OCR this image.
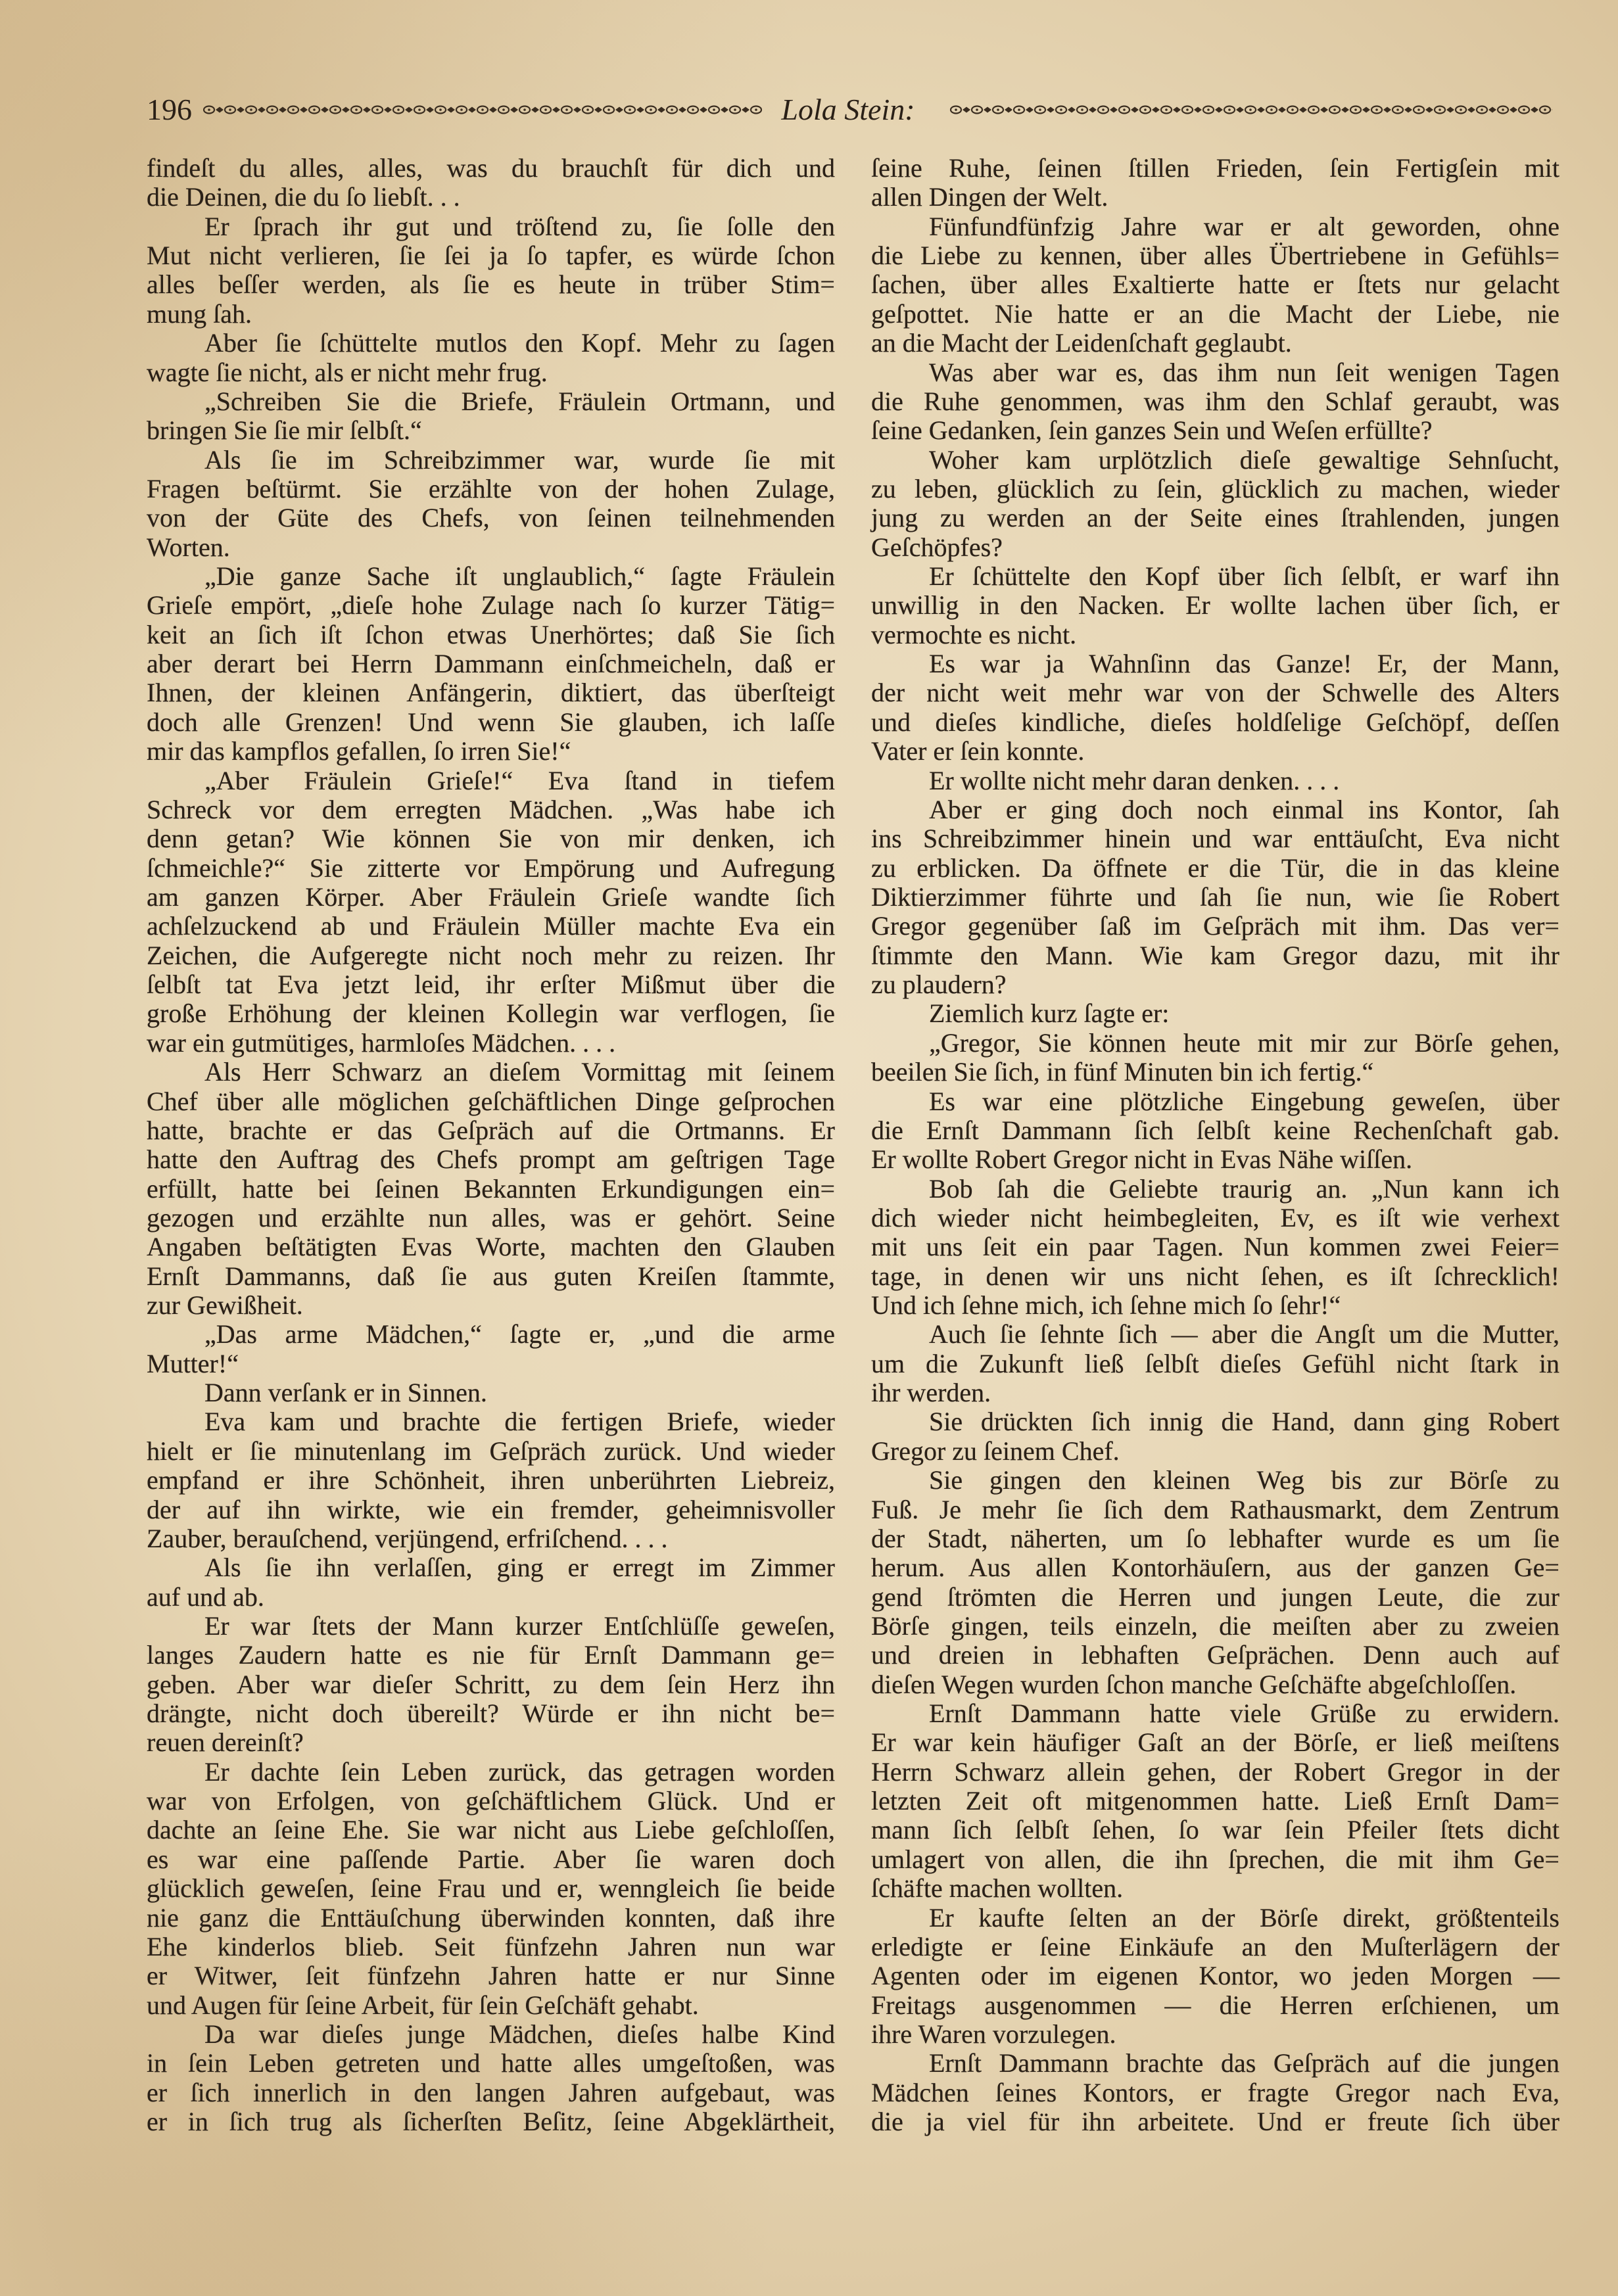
196	Lola Stein:
findeſt du alles, alles, was du brauchſt für dich und
die Deinen, die du ſo liebſt. . .
Er ſprach ihr gut und tröſtend zu, ſie ſolle den
Mut nicht verlieren, ſie ſei ja ſo tapfer, es würde ſchon
alles beſſer werden, als ſie es heute in trüber Stim=
mung ſah.
Aber ſie ſchüttelte mutlos den Kopf. Mehr zu ſagen
wagte ſie nicht, als er nicht mehr frug.
„Schreiben Sie die Briefe, Fräulein Ortmann, und
bringen Sie ſie mir ſelbſt.“
Als ſie im Schreibzimmer war, wurde ſie mit
Fragen beſtürmt. Sie erzählte von der hohen Zulage,
von der Güte des Chefs, von ſeinen teilnehmenden
Worten.
„Die ganze Sache iſt unglaublich,“ ſagte Fräulein
Grieſe empört, „dieſe hohe Zulage nach ſo kurzer Tätig=
keit an ſich iſt ſchon etwas Unerhörtes; daß Sie ſich
aber derart bei Herrn Dammann einſchmeicheln, daß er
Ihnen, der kleinen Anfängerin, diktiert, das überſteigt
doch alle Grenzen! Und wenn Sie glauben, ich laſſe
mir das kampflos gefallen, ſo irren Sie!“
„Aber Fräulein Grieſe!“ Eva ſtand in tiefem
Schreck vor dem erregten Mädchen. „Was habe ich
denn getan? Wie können Sie von mir denken, ich
ſchmeichle?“ Sie zitterte vor Empörung und Aufregung
am ganzen Körper. Aber Fräulein Grieſe wandte ſich
achſelzuckend ab und Fräulein Müller machte Eva ein
Zeichen, die Aufgeregte nicht noch mehr zu reizen. Ihr
ſelbſt tat Eva jetzt leid, ihr erſter Mißmut über die
große Erhöhung der kleinen Kollegin war verflogen, ſie
war ein gutmütiges, harmloſes Mädchen. . . .
Als Herr Schwarz an dieſem Vormittag mit ſeinem
Chef über alle möglichen geſchäftlichen Dinge geſprochen
hatte, brachte er das Geſpräch auf die Ortmanns. Er
hatte den Auftrag des Chefs prompt am geſtrigen Tage
erfüllt, hatte bei ſeinen Bekannten Erkundigungen ein=
gezogen und erzählte nun alles, was er gehört. Seine
Angaben beſtätigten Evas Worte, machten den Glauben
Ernſt Dammanns, daß ſie aus guten Kreiſen ſtammte,
zur Gewißheit.
„Das arme Mädchen,“ ſagte er, „und die arme
Mutter!“
Dann verſank er in Sinnen.
Eva kam und brachte die fertigen Briefe, wieder
hielt er ſie minutenlang im Geſpräch zurück. Und wieder
empfand er ihre Schönheit, ihren unberührten Liebreiz,
der auf ihn wirkte, wie ein fremder, geheimnisvoller
Zauber, berauſchend, verjüngend, erfriſchend. . . .
Als ſie ihn verlaſſen, ging er erregt im Zimmer
auf und ab.
Er war ſtets der Mann kurzer Entſchlüſſe geweſen,
langes Zaudern hatte es nie für Ernſt Dammann ge=
geben. Aber war dieſer Schritt, zu dem ſein Herz ihn
drängte, nicht doch übereilt? Würde er ihn nicht be=
reuen dereinſt?
Er dachte ſein Leben zurück, das getragen worden
war von Erfolgen, von geſchäftlichem Glück. Und er
dachte an ſeine Ehe. Sie war nicht aus Liebe geſchloſſen,
es war eine paſſende Partie. Aber ſie waren doch
glücklich geweſen, ſeine Frau und er, wenngleich ſie beide
nie ganz die Enttäuſchung überwinden konnten, daß ihre
Ehe kinderlos blieb. Seit fünfzehn Jahren nun war
er Witwer, ſeit fünfzehn Jahren hatte er nur Sinne
und Augen für ſeine Arbeit, für ſein Geſchäft gehabt.
Da war dieſes junge Mädchen, dieſes halbe Kind
in ſein Leben getreten und hatte alles umgeſtoßen, was
er ſich innerlich in den langen Jahren aufgebaut, was
er in ſich trug als ſicherſten Beſitz, ſeine Abgeklärtheit,
ſeine Ruhe, ſeinen ſtillen Frieden, ſein Fertigſein mit
allen Dingen der Welt.
Fünfundfünfzig Jahre war er alt geworden, ohne
die Liebe zu kennen, über alles Übertriebene in Gefühls=
ſachen, über alles Exaltierte hatte er ſtets nur gelacht
geſpottet. Nie hatte er an die Macht der Liebe, nie
an die Macht der Leidenſchaft geglaubt.
Was aber war es, das ihm nun ſeit wenigen Tagen
die Ruhe genommen, was ihm den Schlaf geraubt, was
ſeine Gedanken, ſein ganzes Sein und Weſen erfüllte?
Woher kam urplötzlich dieſe gewaltige Sehnſucht,
zu leben, glücklich zu ſein, glücklich zu machen, wieder
jung zu werden an der Seite eines ſtrahlenden, jungen
Geſchöpfes?
Er ſchüttelte den Kopf über ſich ſelbſt, er warf ihn
unwillig in den Nacken. Er wollte lachen über ſich, er
vermochte es nicht.
Es war ja Wahnſinn das Ganze! Er, der Mann,
der nicht weit mehr war von der Schwelle des Alters
und dieſes kindliche, dieſes holdſelige Geſchöpf, deſſen
Vater er ſein konnte.
Er wollte nicht mehr daran denken. . . .
Aber er ging doch noch einmal ins Kontor, ſah
ins Schreibzimmer hinein und war enttäuſcht, Eva nicht
zu erblicken. Da öffnete er die Tür, die in das kleine
Diktierzimmer führte und ſah ſie nun, wie ſie Robert
Gregor gegenüber ſaß im Geſpräch mit ihm. Das ver=
ſtimmte den Mann. Wie kam Gregor dazu, mit ihr
zu plaudern?
Ziemlich kurz ſagte er:
„Gregor, Sie können heute mit mir zur Börſe gehen,
beeilen Sie ſich, in fünf Minuten bin ich fertig.“
Es war eine plötzliche Eingebung geweſen, über
die Ernſt Dammann ſich ſelbſt keine Rechenſchaft gab.
Er wollte Robert Gregor nicht in Evas Nähe wiſſen.
Bob ſah die Geliebte traurig an. „Nun kann ich
dich wieder nicht heimbegleiten, Ev, es iſt wie verhext
mit uns ſeit ein paar Tagen. Nun kommen zwei Feier=
tage, in denen wir uns nicht ſehen, es iſt ſchrecklich!
Und ich ſehne mich, ich ſehne mich ſo ſehr!“
Auch ſie ſehnte ſich — aber die Angſt um die Mutter,
um die Zukunft ließ ſelbſt dieſes Gefühl nicht ſtark in
ihr werden.
Sie drückten ſich innig die Hand, dann ging Robert
Gregor zu ſeinem Chef.
Sie gingen den kleinen Weg bis zur Börſe zu
Fuß. Je mehr ſie ſich dem Rathausmarkt, dem Zentrum
der Stadt, näherten, um ſo lebhafter wurde es um ſie
herum. Aus allen Kontorhäuſern, aus der ganzen Ge=
gend ſtrömten die Herren und jungen Leute, die zur
Börſe gingen, teils einzeln, die meiſten aber zu zweien
und dreien in lebhaften Geſprächen. Denn auch auf
dieſen Wegen wurden ſchon manche Geſchäfte abgeſchloſſen.
Ernſt Dammann hatte viele Grüße zu erwidern.
Er war kein häufiger Gaſt an der Börſe, er ließ meiſtens
Herrn Schwarz allein gehen, der Robert Gregor in der
letzten Zeit oft mitgenommen hatte. Ließ Ernſt Dam=
mann ſich ſelbſt ſehen, ſo war ſein Pfeiler ſtets dicht
umlagert von allen, die ihn ſprechen, die mit ihm Ge=
ſchäfte machen wollten.
Er kaufte ſelten an der Börſe direkt, größtenteils
erledigte er ſeine Einkäufe an den Muſterlägern der
Agenten oder im eigenen Kontor, wo jeden Morgen —
Freitags ausgenommen — die Herren erſchienen, um
ihre Waren vorzulegen.
Ernſt Dammann brachte das Geſpräch auf die jungen
Mädchen ſeines Kontors, er fragte Gregor nach Eva,
die ja viel für ihn arbeitete. Und er freute ſich über
